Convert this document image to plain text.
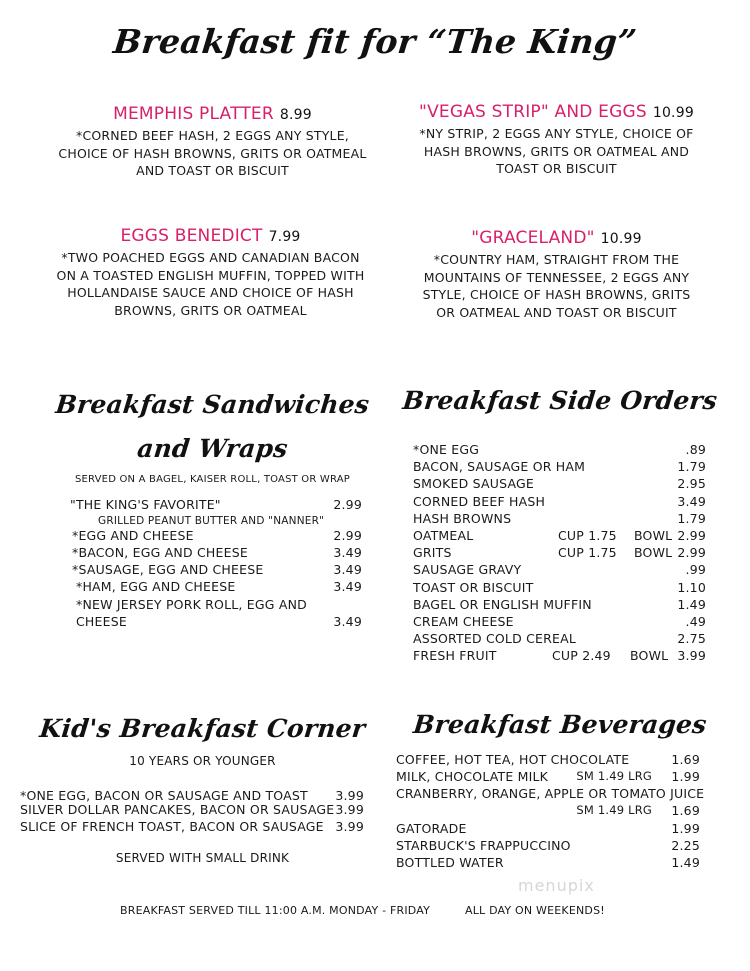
Breakfast fit for “The King”
MEMPHIS PLATTER 8.99
*CORNED BEEF HASH, 2 EGGS ANY STYLE,
CHOICE OF HASH BROWNS, GRITS OR OATMEAL
AND TOAST OR BISCUIT
"VEGAS STRIP" AND EGGS 10.99
*NY STRIP, 2 EGGS ANY STYLE, CHOICE OF
HASH BROWNS, GRITS OR OATMEAL AND
TOAST OR BISCUIT
EGGS BENEDICT 7.99
*TWO POACHED EGGS AND CANADIAN BACON
ON A TOASTED ENGLISH MUFFIN, TOPPED WITH
HOLLANDAISE SAUCE AND CHOICE OF HASH
BROWNS, GRITS OR OATMEAL
"GRACELAND" 10.99
*COUNTRY HAM, STRAIGHT FROM THE
MOUNTAINS OF TENNESSEE, 2 EGGS ANY
STYLE, CHOICE OF HASH BROWNS, GRITS
OR OATMEAL AND TOAST OR BISCUIT
Breakfast Sandwiches
and Wraps
SERVED ON A BAGEL, KAISER ROLL, TOAST OR WRAP
"THE KING'S FAVORITE"	2.99
GRILLED PEANUT BUTTER AND "NANNER"
*EGG AND CHEESE	2.99
*BACON, EGG AND CHEESE	3.49
*SAUSAGE, EGG AND CHEESE	3.49
*HAM, EGG AND CHEESE	3.49
*NEW JERSEY PORK ROLL, EGG AND
CHEESE	3.49
Breakfast Side Orders
*ONE EGG	.89
BACON, SAUSAGE OR HAM	1.79
SMOKED SAUSAGE	2.95
CORNED BEEF HASH	3.49
HASH BROWNS	1.79
OATMEAL	CUP 1.75 BOWL 2.99
GRITS	CUP 1.75 BOWL 2.99
SAUSAGE GRAVY	.99
TOAST OR BISCUIT	1.10
BAGEL OR ENGLISH MUFFIN	1.49
CREAM CHEESE	.49
ASSORTED COLD CEREAL	2.75
FRESH FRUIT	CUP 2.49 BOWL 3.99
Kid's Breakfast Corner
10 YEARS OR YOUNGER
*ONE EGG, BACON OR SAUSAGE AND TOAST 3.99
SILVER DOLLAR PANCAKES, BACON OR SAUSAGE 3.99
SLICE OF FRENCH TOAST, BACON OR SAUSAGE 3.99
SERVED WITH SMALL DRINK
Breakfast Beverages
COFFEE, HOT TEA, HOT CHOCOLATE	1.69
MILK, CHOCOLATE MILK SM 1.49 LRG 1.99
CRANBERRY, ORANGE, APPLE OR TOMATO JUICE
SM 1.49 LRG 1.69
GATORADE	1.99
STARBUCK'S FRAPPUCCINO	2.25
BOTTLED WATER	1.49
menupix
BREAKFAST SERVED TILL 11:00 A.M. MONDAY - FRIDAY	ALL DAY ON WEEKENDS!
